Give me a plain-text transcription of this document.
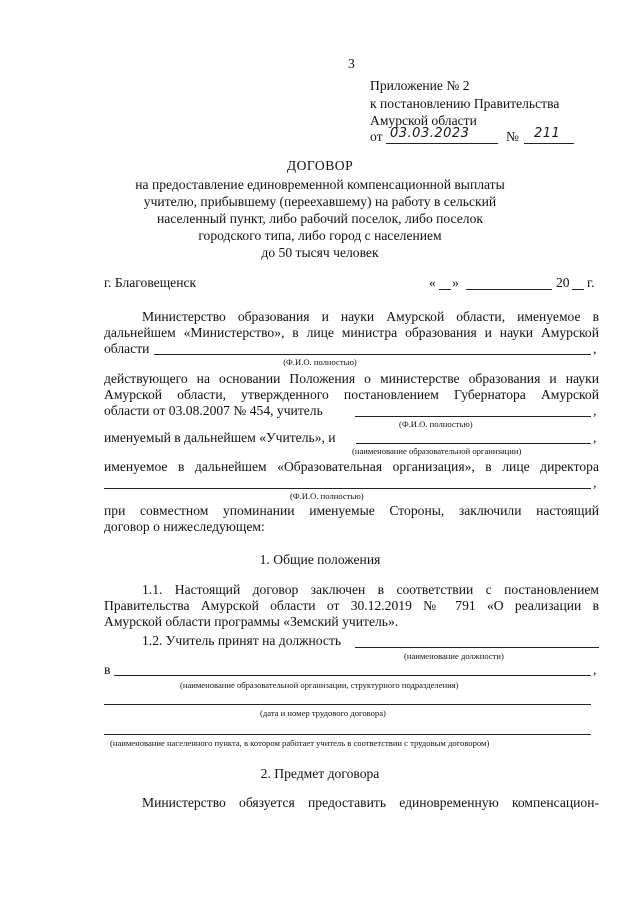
3
Приложение № 2
к постановлению Правительства
Амурской области
от 03.03.2023	№ 211
ДОГОВОР
на предоставление единовременной компенсационной выплаты
учителю, прибывшему (переехавшему) на работу в сельский
населенный пункт, либо рабочий поселок, либо поселок
городского типа, либо город с населением
до 50 тысяч человек
г. Благовещенск	« »	20 г.
Министерство образования и науки Амурской области, именуемое в
дальнейшем «Министерство», в лице министра образования и науки Амурской
области	,
(Ф.И.О. полностью)
действующего на основании Положения о министерстве образования и науки
Амурской области, утвержденного постановлением Губернатора Амурской
области от 03.08.2007 № 454, учитель	,
(Ф.И.О. полностью)
именуемый в дальнейшем «Учитель», и	,
(наименование образовательной организации)
именуемое в дальнейшем «Образовательная организация», в лице директора
,
(Ф.И.О. полностью)
при совместном упоминании именуемые Стороны, заключили настоящий
договор о нижеследующем:
1. Общие положения
1.1. Настоящий договор заключен в соответствии с постановлением
Правительства Амурской области от 30.12.2019 № 791 «О реализации в
Амурской области программы «Земский учитель».
1.2. Учитель принят на должность
(наименование должности)
в	,
(наименование образовательной организации, структурного подразделения)
(дата и номер трудового договора)
(наименование населенного пункта, в котором работает учитель в соответствии с трудовым договором)
2. Предмет договора
Министерство обязуется предоставить единовременную компенсацион-
